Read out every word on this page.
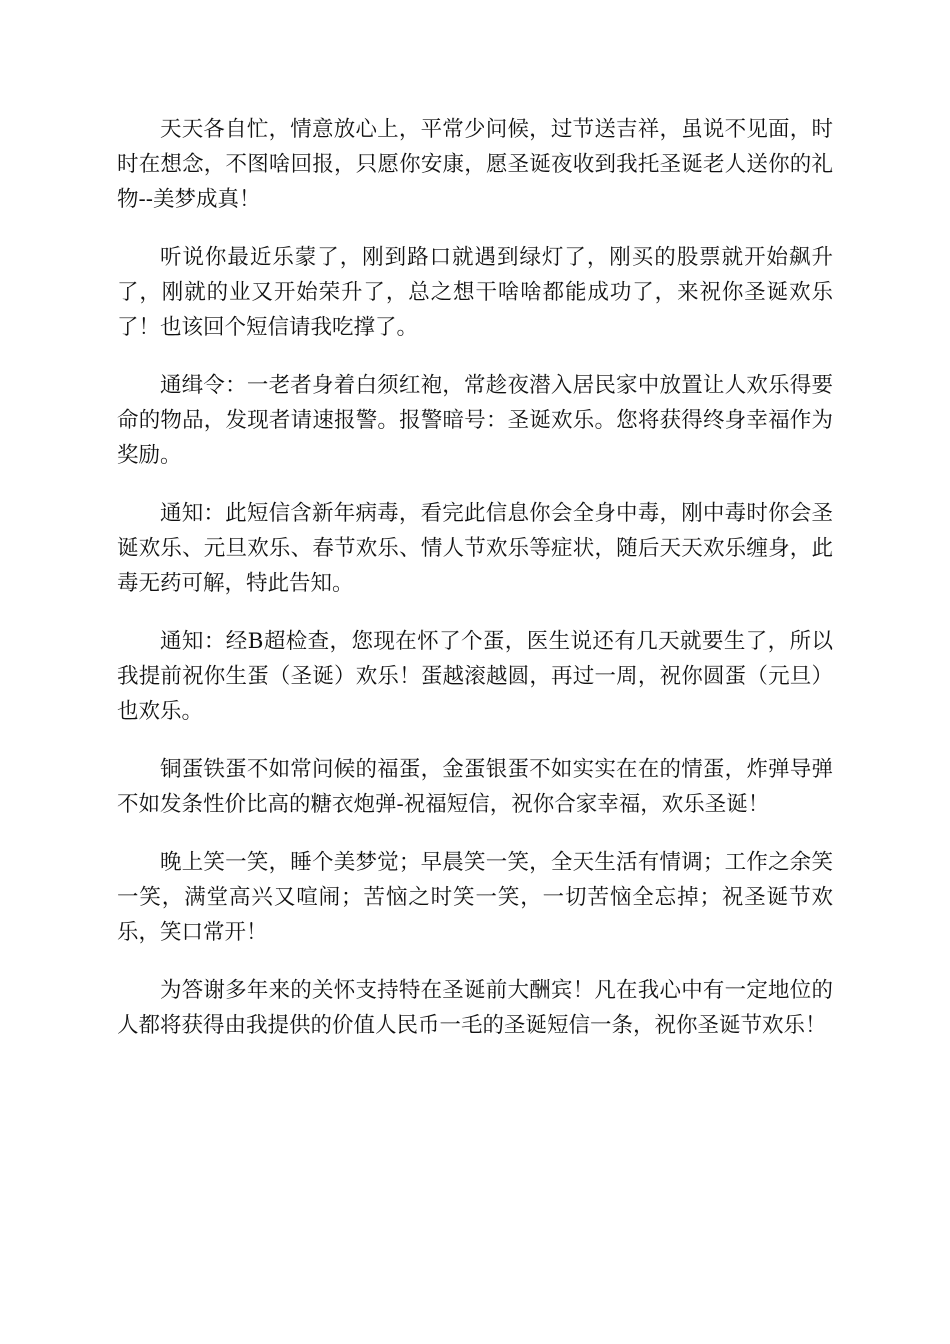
天天各自忙，情意放心上，平常少问候，过节送吉祥，虽说不见面，时时在想念，不图啥回报，只愿你安康，愿圣诞夜收到我托圣诞老人送你的礼物--美梦成真！

听说你最近乐蒙了，刚到路口就遇到绿灯了，刚买的股票就开始飙升了，刚就的业又开始荣升了，总之想干啥啥都能成功了，来祝你圣诞欢乐了！也该回个短信请我吃撑了。

通缉令：一老者身着白须红袍，常趁夜潜入居民家中放置让人欢乐得要命的物品，发现者请速报警。报警暗号：圣诞欢乐。您将获得终身幸福作为奖励。

通知：此短信含新年病毒，看完此信息你会全身中毒，刚中毒时你会圣诞欢乐、元旦欢乐、春节欢乐、情人节欢乐等症状，随后天天欢乐缠身，此毒无药可解，特此告知。

通知：经B超检查，您现在怀了个蛋，医生说还有几天就要生了，所以我提前祝你生蛋（圣诞）欢乐！蛋越滚越圆，再过一周，祝你圆蛋（元旦）也欢乐。

铜蛋铁蛋不如常问候的福蛋，金蛋银蛋不如实实在在的情蛋，炸弹导弹不如发条性价比高的糖衣炮弹-祝福短信，祝你合家幸福，欢乐圣诞！

晚上笑一笑，睡个美梦觉；早晨笑一笑，全天生活有情调；工作之余笑一笑，满堂高兴又喧闹；苦恼之时笑一笑，一切苦恼全忘掉；祝圣诞节欢乐，笑口常开！

为答谢多年来的关怀支持特在圣诞前大酬宾！凡在我心中有一定地位的人都将获得由我提供的价值人民币一毛的圣诞短信一条，祝你圣诞节欢乐！
